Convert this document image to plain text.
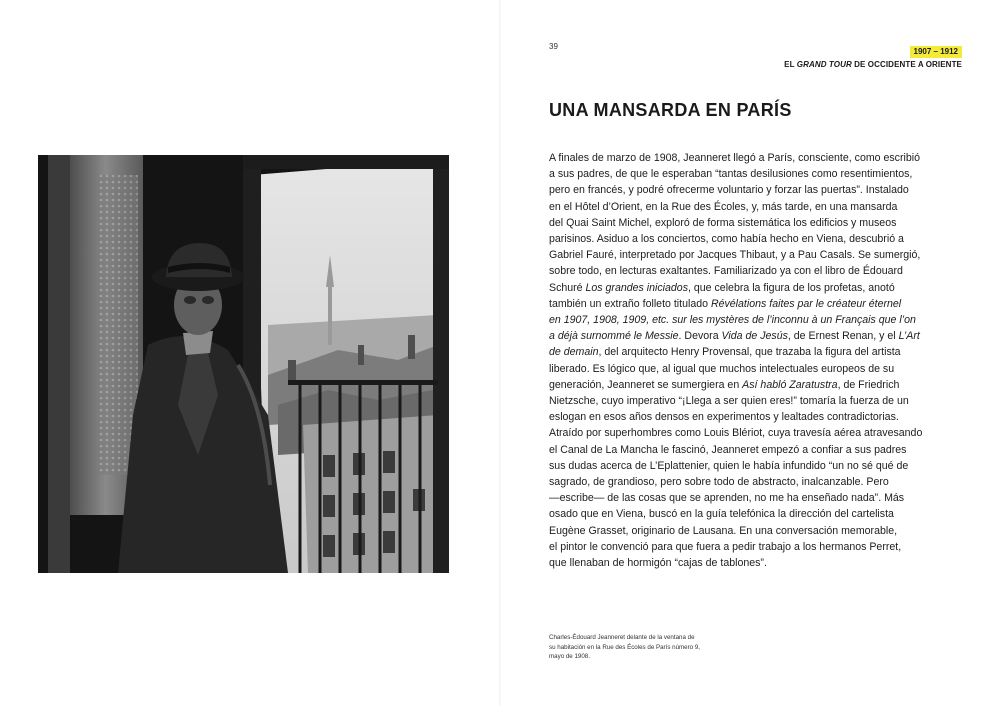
39
1907 – 1912
EL GRAND TOUR DE OCCIDENTE A ORIENTE
UNA MANSARDA EN PARÍS
A finales de marzo de 1908, Jeanneret llegó a París, consciente, como escribió
a sus padres, de que le esperaban “tantas desilusiones como resentimientos,
pero en francés, y podré ofrecerme voluntario y forzar las puertas”. Instalado
en el Hôtel d’Orient, en la Rue des Écoles, y, más tarde, en una mansarda
del Quai Saint Michel, exploró de forma sistemática los edificios y museos
parisinos. Asiduo a los conciertos, como había hecho en Viena, descubrió a
Gabriel Fauré, interpretado por Jacques Thibaut, y a Pau Casals. Se sumergió,
sobre todo, en lecturas exaltantes. Familiarizado ya con el libro de Édouard
Schuré Los grandes iniciados, que celebra la figura de los profetas, anotó
también un extraño folleto titulado Révélations faites par le créateur éternel
en 1907, 1908, 1909, etc. sur les mystères de l’inconnu à un Français que l’on
a déjà surnommé le Messie. Devora Vida de Jesús, de Ernest Renan, y el L’Art
de demain, del arquitecto Henry Provensal, que trazaba la figura del artista
liberado. Es lógico que, al igual que muchos intelectuales europeos de su
generación, Jeanneret se sumergiera en Así habló Zaratustra, de Friedrich
Nietzsche, cuyo imperativo “¡Llega a ser quien eres!” tomaría la fuerza de un
eslogan en esos años densos en experimentos y lealtades contradictorias.
Atraído por superhombres como Louis Blériot, cuya travesía aérea atravesando
el Canal de La Mancha le fascinó, Jeanneret empezó a confiar a sus padres
sus dudas acerca de L’Eplattenier, quien le había infundido “un no sé qué de
sagrado, de grandioso, pero sobre todo de abstracto, inalcanzable. Pero
—escribe— de las cosas que se aprenden, no me ha enseñado nada”. Más
osado que en Viena, buscó en la guía telefónica la dirección del cartelista
Eugène Grasset, originario de Lausana. En una conversación memorable,
el pintor le convenció para que fuera a pedir trabajo a los hermanos Perret,
que llenaban de hormigón “cajas de tablones”.
Charles-Édouard Jeanneret delante de la ventana de
su habitación en la Rue des Écoles de París número 9,
mayo de 1908.
